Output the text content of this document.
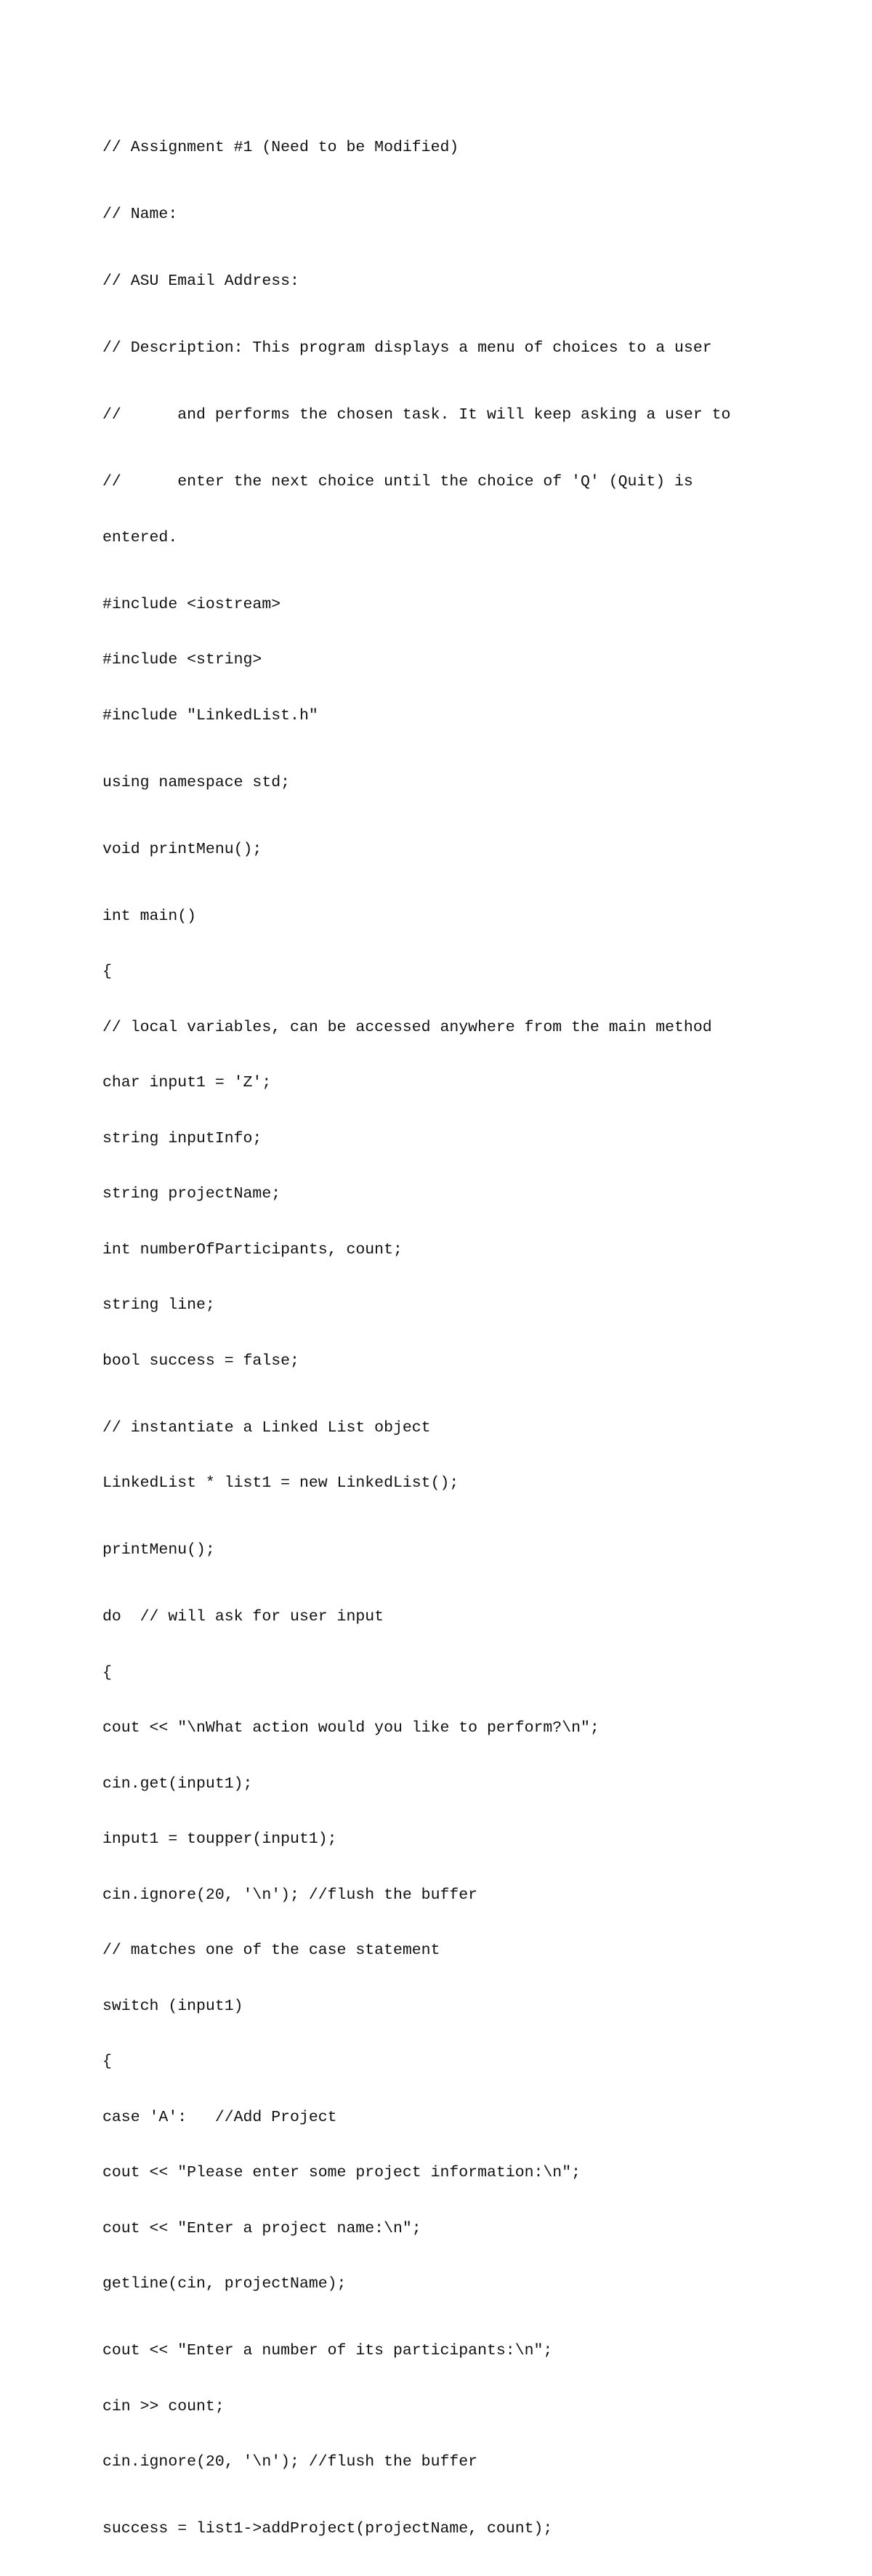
// Assignment #1 (Need to be Modified)

// Name:

// ASU Email Address:

// Description: This program displays a menu of choices to a user

//      and performs the chosen task. It will keep asking a user to

//      enter the next choice until the choice of 'Q' (Quit) is

entered.

#include <iostream>

#include <string>

#include "LinkedList.h"

using namespace std;

void printMenu();

int main()

{

// local variables, can be accessed anywhere from the main method

char input1 = 'Z';

string inputInfo;

string projectName;

int numberOfParticipants, count;

string line;

bool success = false;

// instantiate a Linked List object

LinkedList * list1 = new LinkedList();

printMenu();

do  // will ask for user input

{

cout << "\nWhat action would you like to perform?\n";

cin.get(input1);

input1 = toupper(input1);

cin.ignore(20, '\n'); //flush the buffer

// matches one of the case statement

switch (input1)

{

case 'A':   //Add Project

cout << "Please enter some project information:\n";

cout << "Enter a project name:\n";

getline(cin, projectName);

cout << "Enter a number of its participants:\n";

cin >> count;

cin.ignore(20, '\n'); //flush the buffer

success = list1->addProject(projectName, count);
